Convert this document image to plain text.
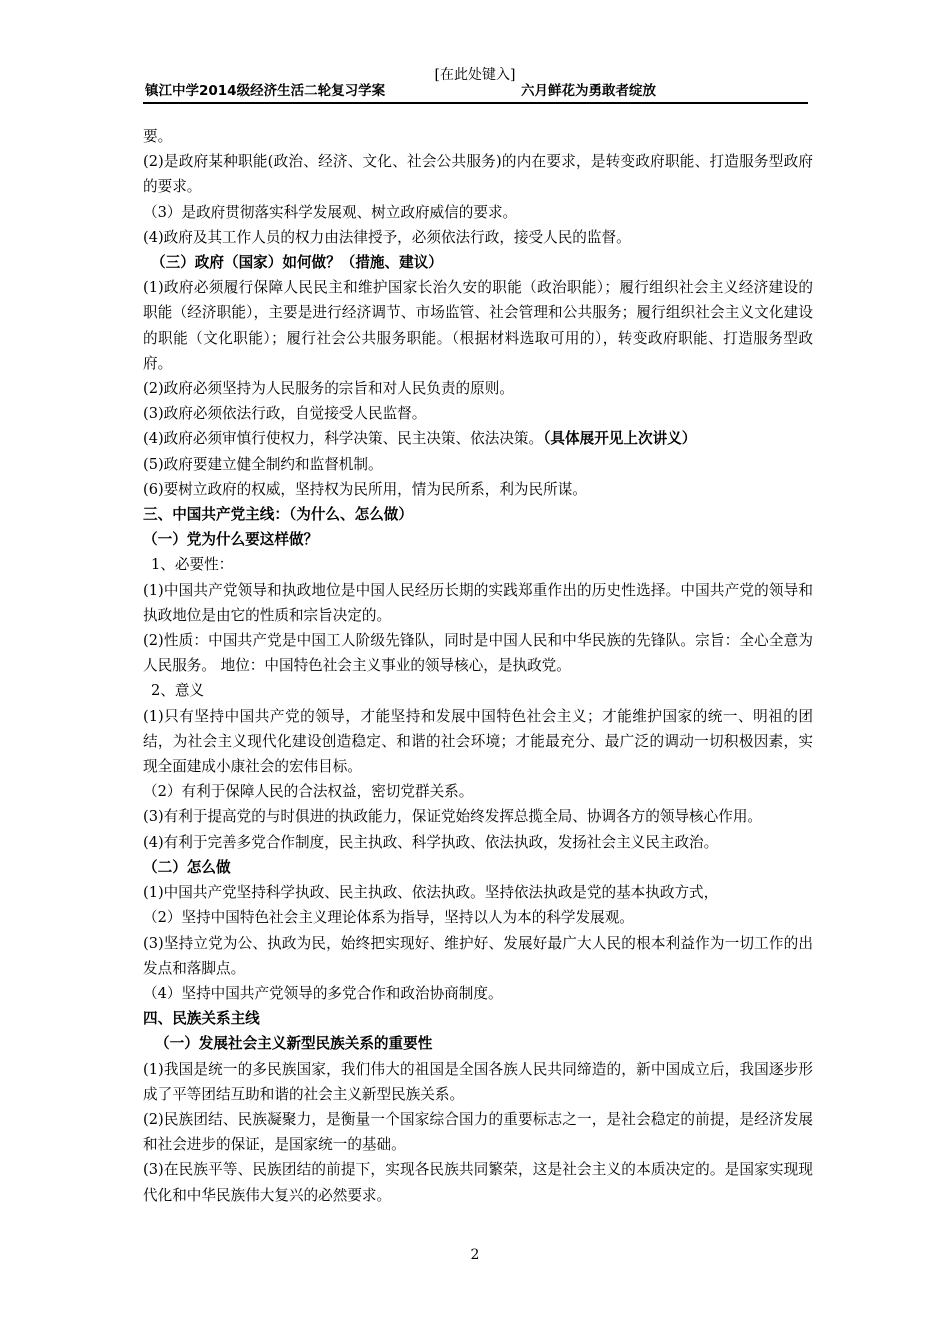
[在此处键入]
镇江中学2014级经济生活二轮复习学案	六月鲜花为勇敢者绽放

要。

(2)是政府某种职能(政治、经济、文化、社会公共服务)的内在要求，是转变政府职能、打造服务型政府的要求。

（3）是政府贯彻落实科学发展观、树立政府威信的要求。

(4)政府及其工作人员的权力由法律授予，必须依法行政，接受人民的监督。

（三）政府（国家）如何做？（措施、建议）

(1)政府必须履行保障人民民主和维护国家长治久安的职能（政治职能）；履行组织社会主义经济建设的职能（经济职能），主要是进行经济调节、市场监管、社会管理和公共服务；履行组织社会主义文化建设的职能（文化职能）；履行社会公共服务职能。（根据材料选取可用的），转变政府职能、打造服务型政府。

(2)政府必须坚持为人民服务的宗旨和对人民负责的原则。

(3)政府必须依法行政，自觉接受人民监督。

(4)政府必须审慎行使权力，科学决策、民主决策、依法决策。（具体展开见上次讲义）

(5)政府要建立健全制约和监督机制。

(6)要树立政府的权威，坚持权为民所用，情为民所系，利为民所谋。

三、中国共产党主线：（为什么、怎么做）

（一）党为什么要这样做？

1、必要性：

(1)中国共产党领导和执政地位是中国人民经历长期的实践郑重作出的历史性选择。中国共产党的领导和执政地位是由它的性质和宗旨决定的。

(2)性质：中国共产党是中国工人阶级先锋队，同时是中国人民和中华民族的先锋队。宗旨：全心全意为人民服务。 地位：中国特色社会主义事业的领导核心，是执政党。

2、意义

(1)只有坚持中国共产党的领导，才能坚持和发展中国特色社会主义；才能维护国家的统一、明祖的团结，为社会主义现代化建设创造稳定、和谐的社会环境；才能最充分、最广泛的调动一切积极因素，实现全面建成小康社会的宏伟目标。

（2）有利于保障人民的合法权益，密切党群关系。

(3)有利于提高党的与时俱进的执政能力，保证党始终发挥总揽全局、协调各方的领导核心作用。

(4)有利于完善多党合作制度，民主执政、科学执政、依法执政，发扬社会主义民主政治。

（二）怎么做

(1)中国共产党坚持科学执政、民主执政、依法执政。坚持依法执政是党的基本执政方式，

（2）坚持中国特色社会主义理论体系为指导，坚持以人为本的科学发展观。

(3)坚持立党为公、执政为民，始终把实现好、维护好、发展好最广大人民的根本利益作为一切工作的出发点和落脚点。

（4）坚持中国共产党领导的多党合作和政治协商制度。

四、民族关系主线

（一）发展社会主义新型民族关系的重要性

(1)我国是统一的多民族国家，我们伟大的祖国是全国各族人民共同缔造的，新中国成立后，我国逐步形成了平等团结互助和谐的社会主义新型民族关系。

(2)民族团结、民族凝聚力，是衡量一个国家综合国力的重要标志之一，是社会稳定的前提，是经济发展和社会进步的保证，是国家统一的基础。

(3)在民族平等、民族团结的前提下，实现各民族共同繁荣，这是社会主义的本质决定的。是国家实现现代化和中华民族伟大复兴的必然要求。

2
